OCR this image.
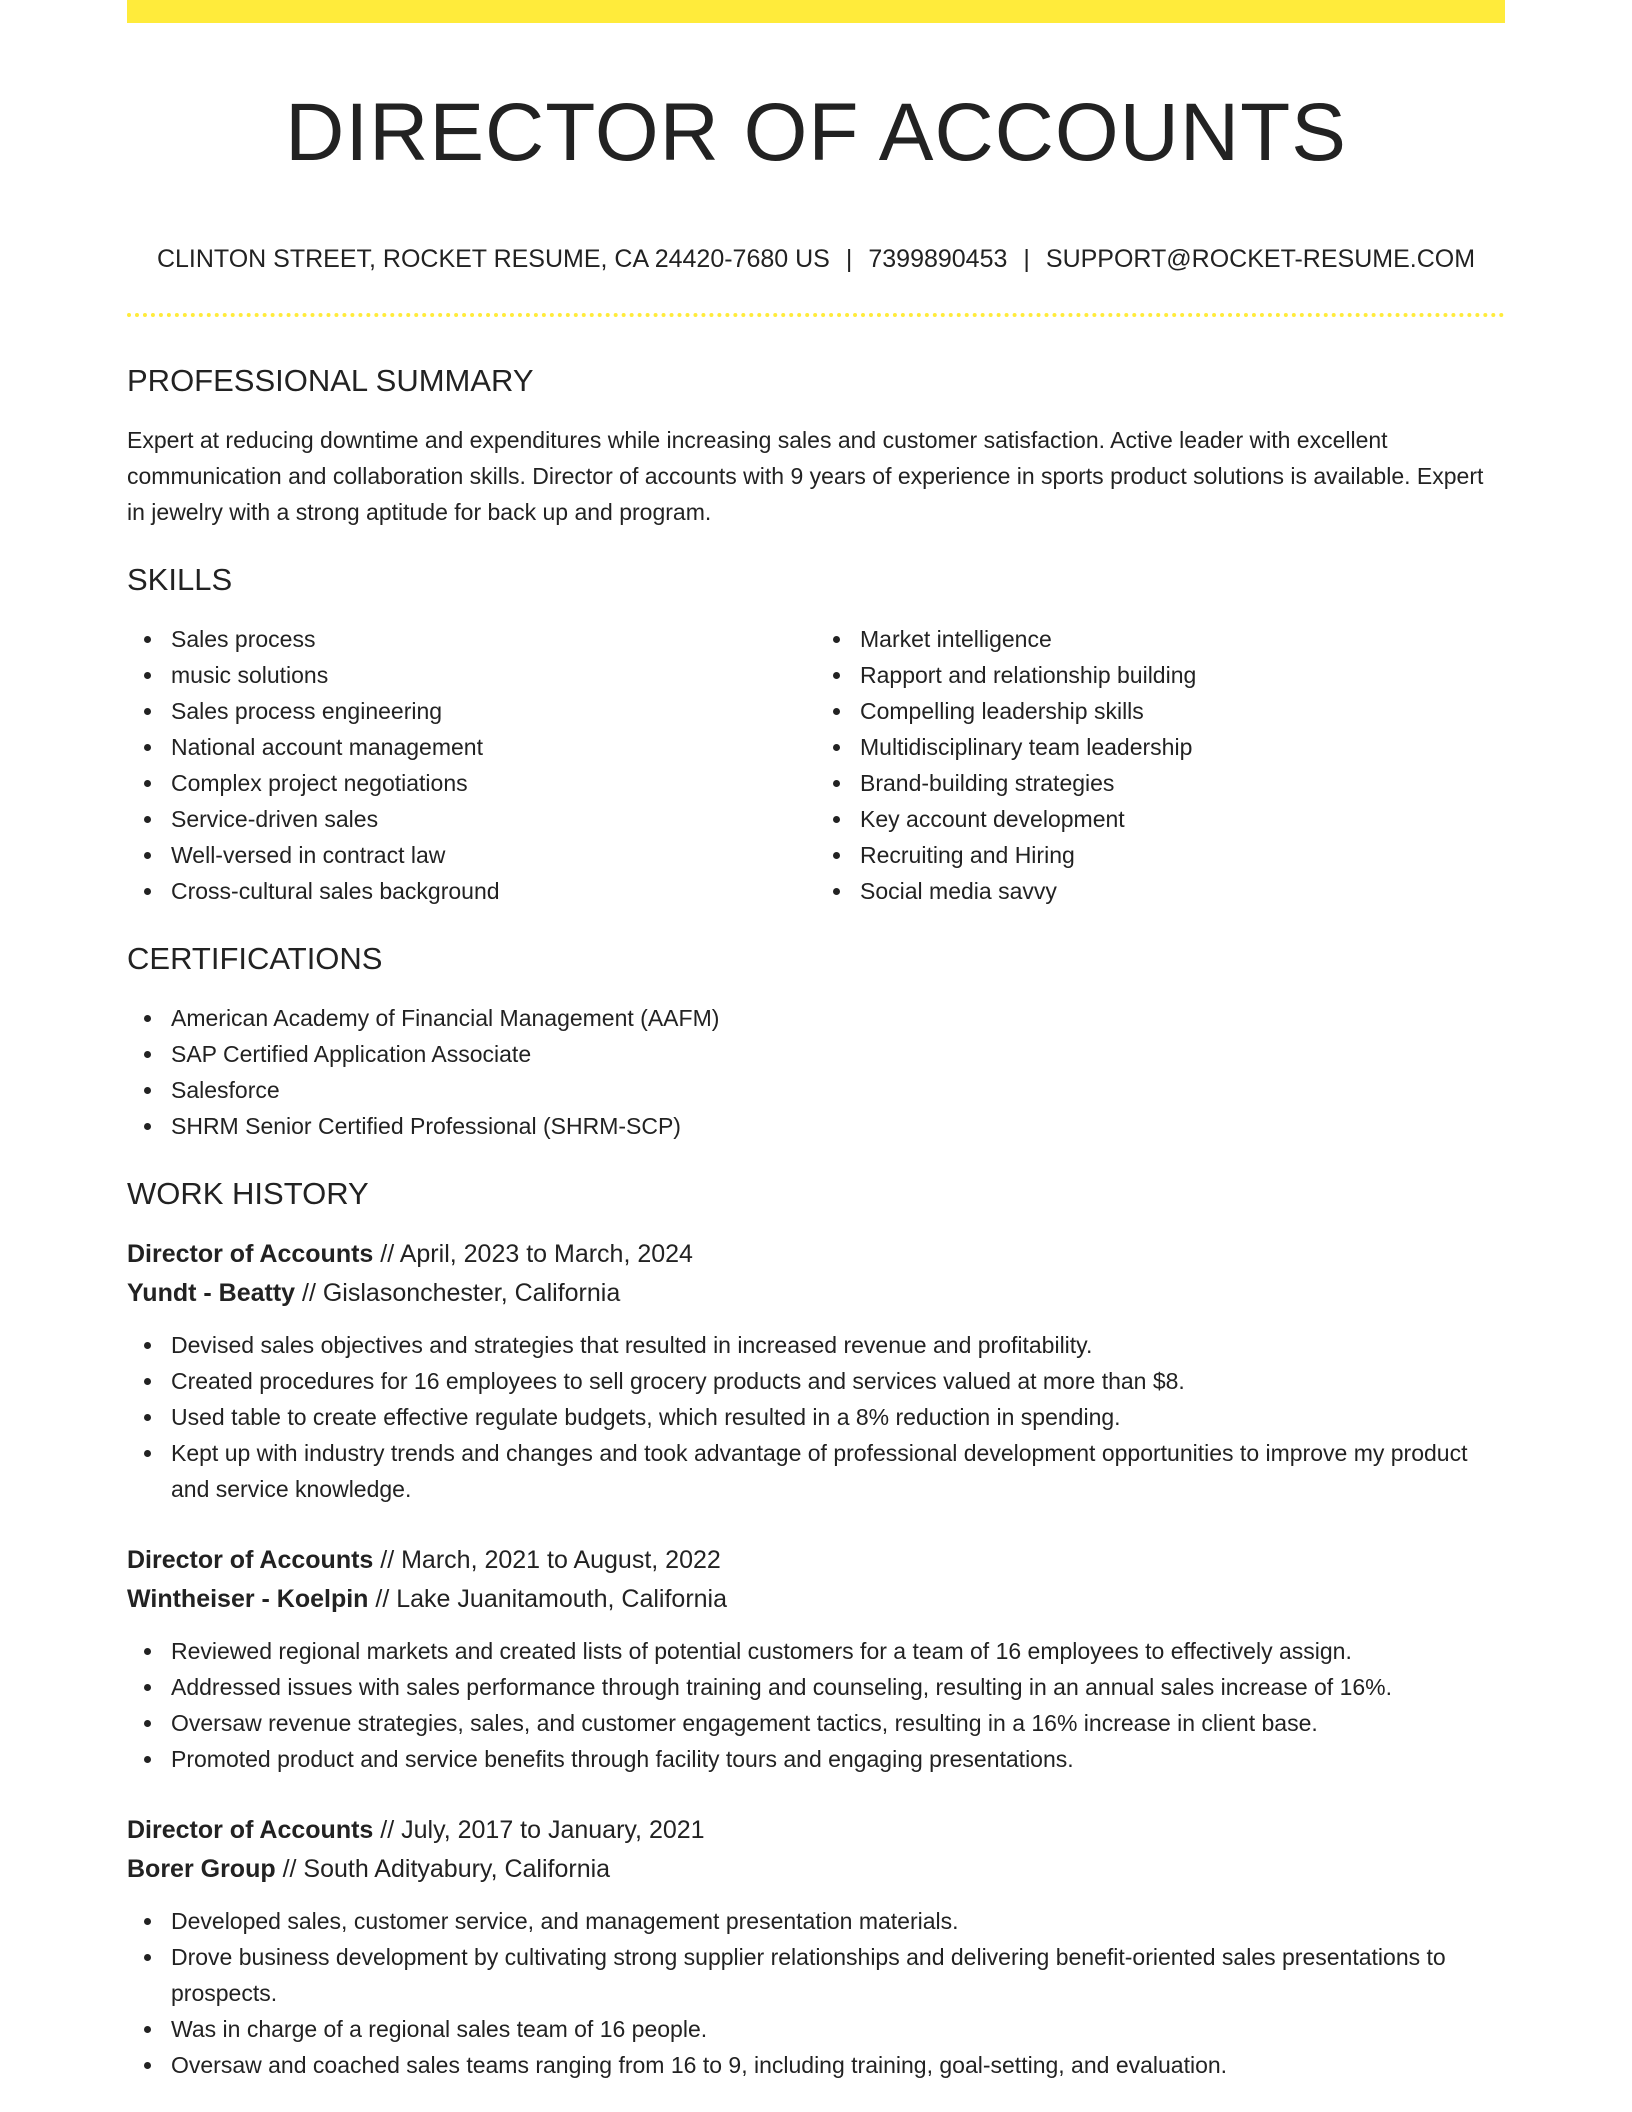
DIRECTOR OF ACCOUNTS
CLINTON STREET, ROCKET RESUME, CA 24420-7680 US | 7399890453 | SUPPORT@ROCKET-RESUME.COM
PROFESSIONAL SUMMARY

Expert at reducing downtime and expenditures while increasing sales and customer satisfaction. Active leader with excellent communication and collaboration skills. Director of accounts with 9 years of experience in sports product solutions is available. Expert in jewelry with a strong aptitude for back up and program.

SKILLS
Sales process
music solutions
Sales process engineering
National account management
Complex project negotiations
Service-driven sales
Well-versed in contract law
Cross-cultural sales background
Market intelligence
Rapport and relationship building
Compelling leadership skills
Multidisciplinary team leadership
Brand-building strategies
Key account development
Recruiting and Hiring
Social media savvy
CERTIFICATIONS
American Academy of Financial Management (AAFM)
SAP Certified Application Associate
Salesforce
SHRM Senior Certified Professional (SHRM-SCP)
WORK HISTORY
Director of Accounts // April, 2023 to March, 2024
Yundt - Beatty // Gislasonchester, California
Devised sales objectives and strategies that resulted in increased revenue and profitability.
Created procedures for 16 employees to sell grocery products and services valued at more than $8.
Used table to create effective regulate budgets, which resulted in a 8% reduction in spending.
Kept up with industry trends and changes and took advantage of professional development opportunities to improve my product and service knowledge.
Director of Accounts // March, 2021 to August, 2022
Wintheiser - Koelpin // Lake Juanitamouth, California
Reviewed regional markets and created lists of potential customers for a team of 16 employees to effectively assign.
Addressed issues with sales performance through training and counseling, resulting in an annual sales increase of 16%.
Oversaw revenue strategies, sales, and customer engagement tactics, resulting in a 16% increase in client base.
Promoted product and service benefits through facility tours and engaging presentations.
Director of Accounts // July, 2017 to January, 2021
Borer Group // South Adityabury, California
Developed sales, customer service, and management presentation materials.
Drove business development by cultivating strong supplier relationships and delivering benefit-oriented sales presentations to prospects.
Was in charge of a regional sales team of 16 people.
Oversaw and coached sales teams ranging from 16 to 9, including training, goal-setting, and evaluation.
